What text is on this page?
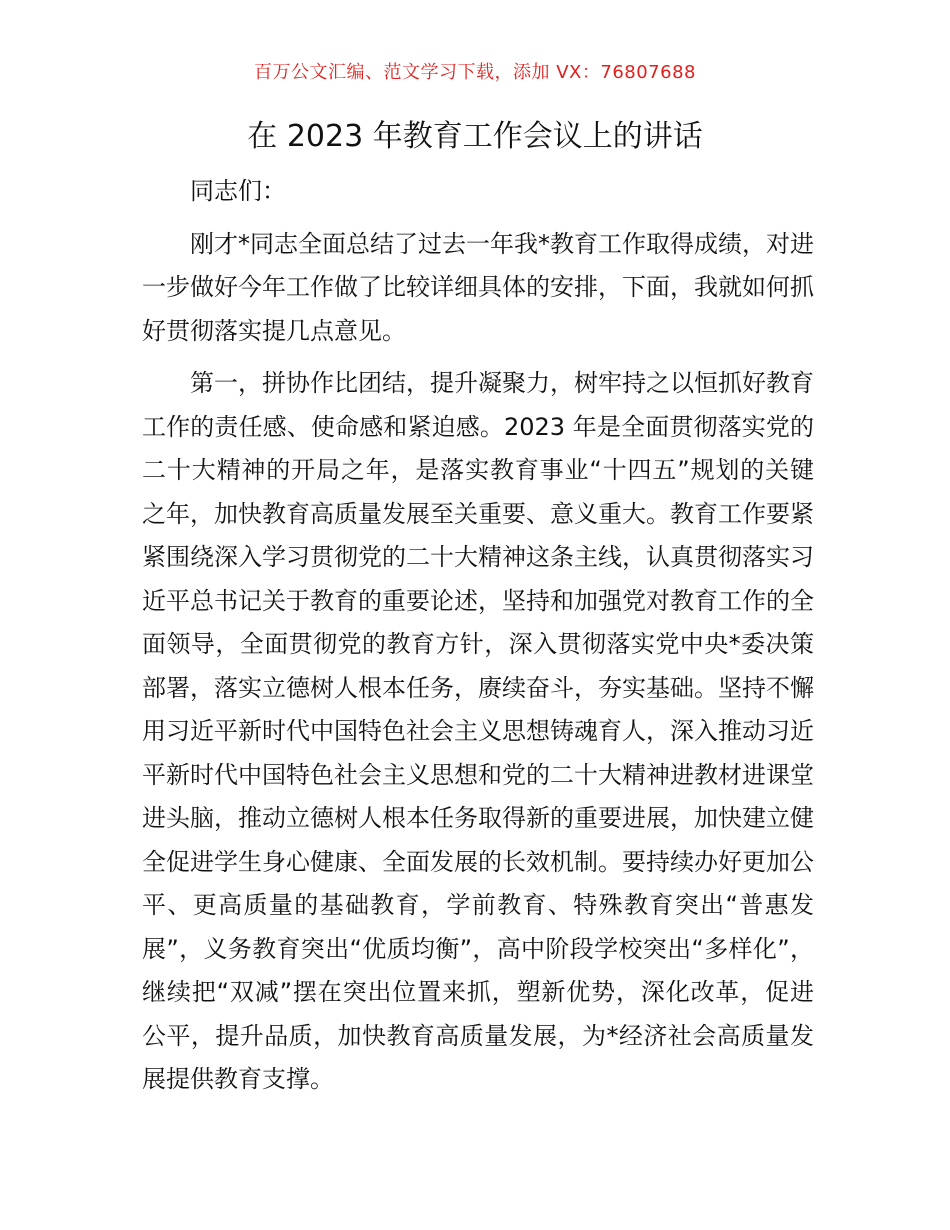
百万公文汇编、范文学习下载，添加 VX：76807688
在 2023 年教育工作会议上的讲话

同志们：

刚才*同志全面总结了过去一年我*教育工作取得成绩，对进一步做好今年工作做了比较详细具体的安排，下面，我就如何抓好贯彻落实提几点意见。

第一，拼协作比团结，提升凝聚力，树牢持之以恒抓好教育工作的责任感、使命感和紧迫感。2023 年是全面贯彻落实党的二十大精神的开局之年，是落实教育事业“十四五”规划的关键之年，加快教育高质量发展至关重要、意义重大。教育工作要紧紧围绕深入学习贯彻党的二十大精神这条主线，认真贯彻落实习近平总书记关于教育的重要论述，坚持和加强党对教育工作的全面领导，全面贯彻党的教育方针，深入贯彻落实党中央*委决策部署，落实立德树人根本任务，赓续奋斗，夯实基础。坚持不懈用习近平新时代中国特色社会主义思想铸魂育人，深入推动习近平新时代中国特色社会主义思想和党的二十大精神进教材进课堂进头脑，推动立德树人根本任务取得新的重要进展，加快建立健全促进学生身心健康、全面发展的长效机制。要持续办好更加公平、更高质量的基础教育，学前教育、特殊教育突出“普惠发展”，义务教育突出“优质均衡”，高中阶段学校突出“多样化”，继续把“双减”摆在突出位置来抓，塑新优势，深化改革，促进公平，提升品质，加快教育高质量发展，为*经济社会高质量发展提供教育支撑。
